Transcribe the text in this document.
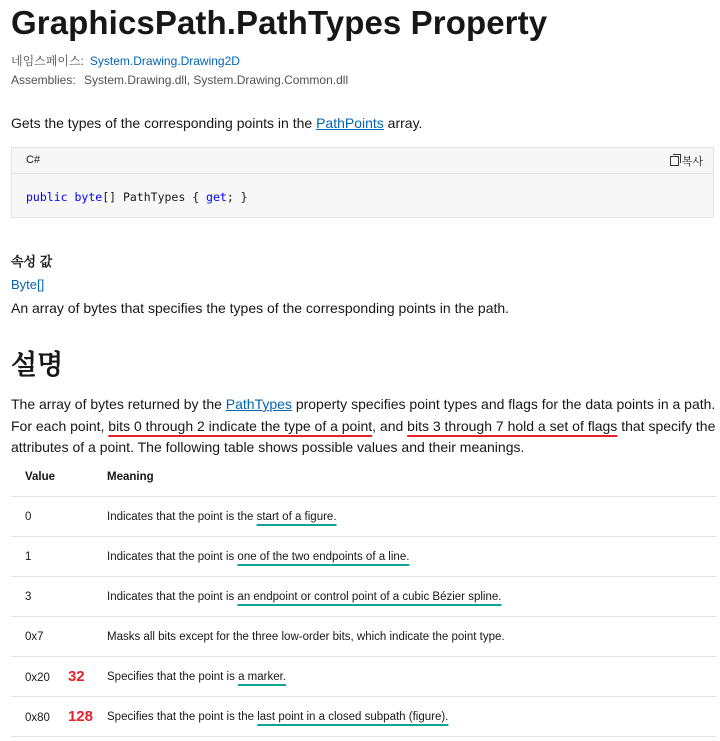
GraphicsPath.PathTypes Property
네임스페이스: System.Drawing.Drawing2D
Assemblies: System.Drawing.dll, System.Drawing.Common.dll
Gets the types of the corresponding points in the PathPoints array.
C#	복사
public byte[] PathTypes { get; }
속성 값
Byte[]
An array of bytes that specifies the types of the corresponding points in the path.
설명
The array of bytes returned by the PathTypes property specifies point types and flags for the data points in a path. For each point, bits 0 through 2 indicate the type of a point, and bits 3 through 7 hold a set of flags that specify the attributes of a point. The following table shows possible values and their meanings.
Value	Meaning
0	Indicates that the point is the start of a figure.
1	Indicates that the point is one of the two endpoints of a line.
3	Indicates that the point is an endpoint or control point of a cubic Bézier spline.
0x7	Masks all bits except for the three low-order bits, which indicate the point type.
0x20 32	Specifies that the point is a marker.
0x80 128	Specifies that the point is the last point in a closed subpath (figure).
